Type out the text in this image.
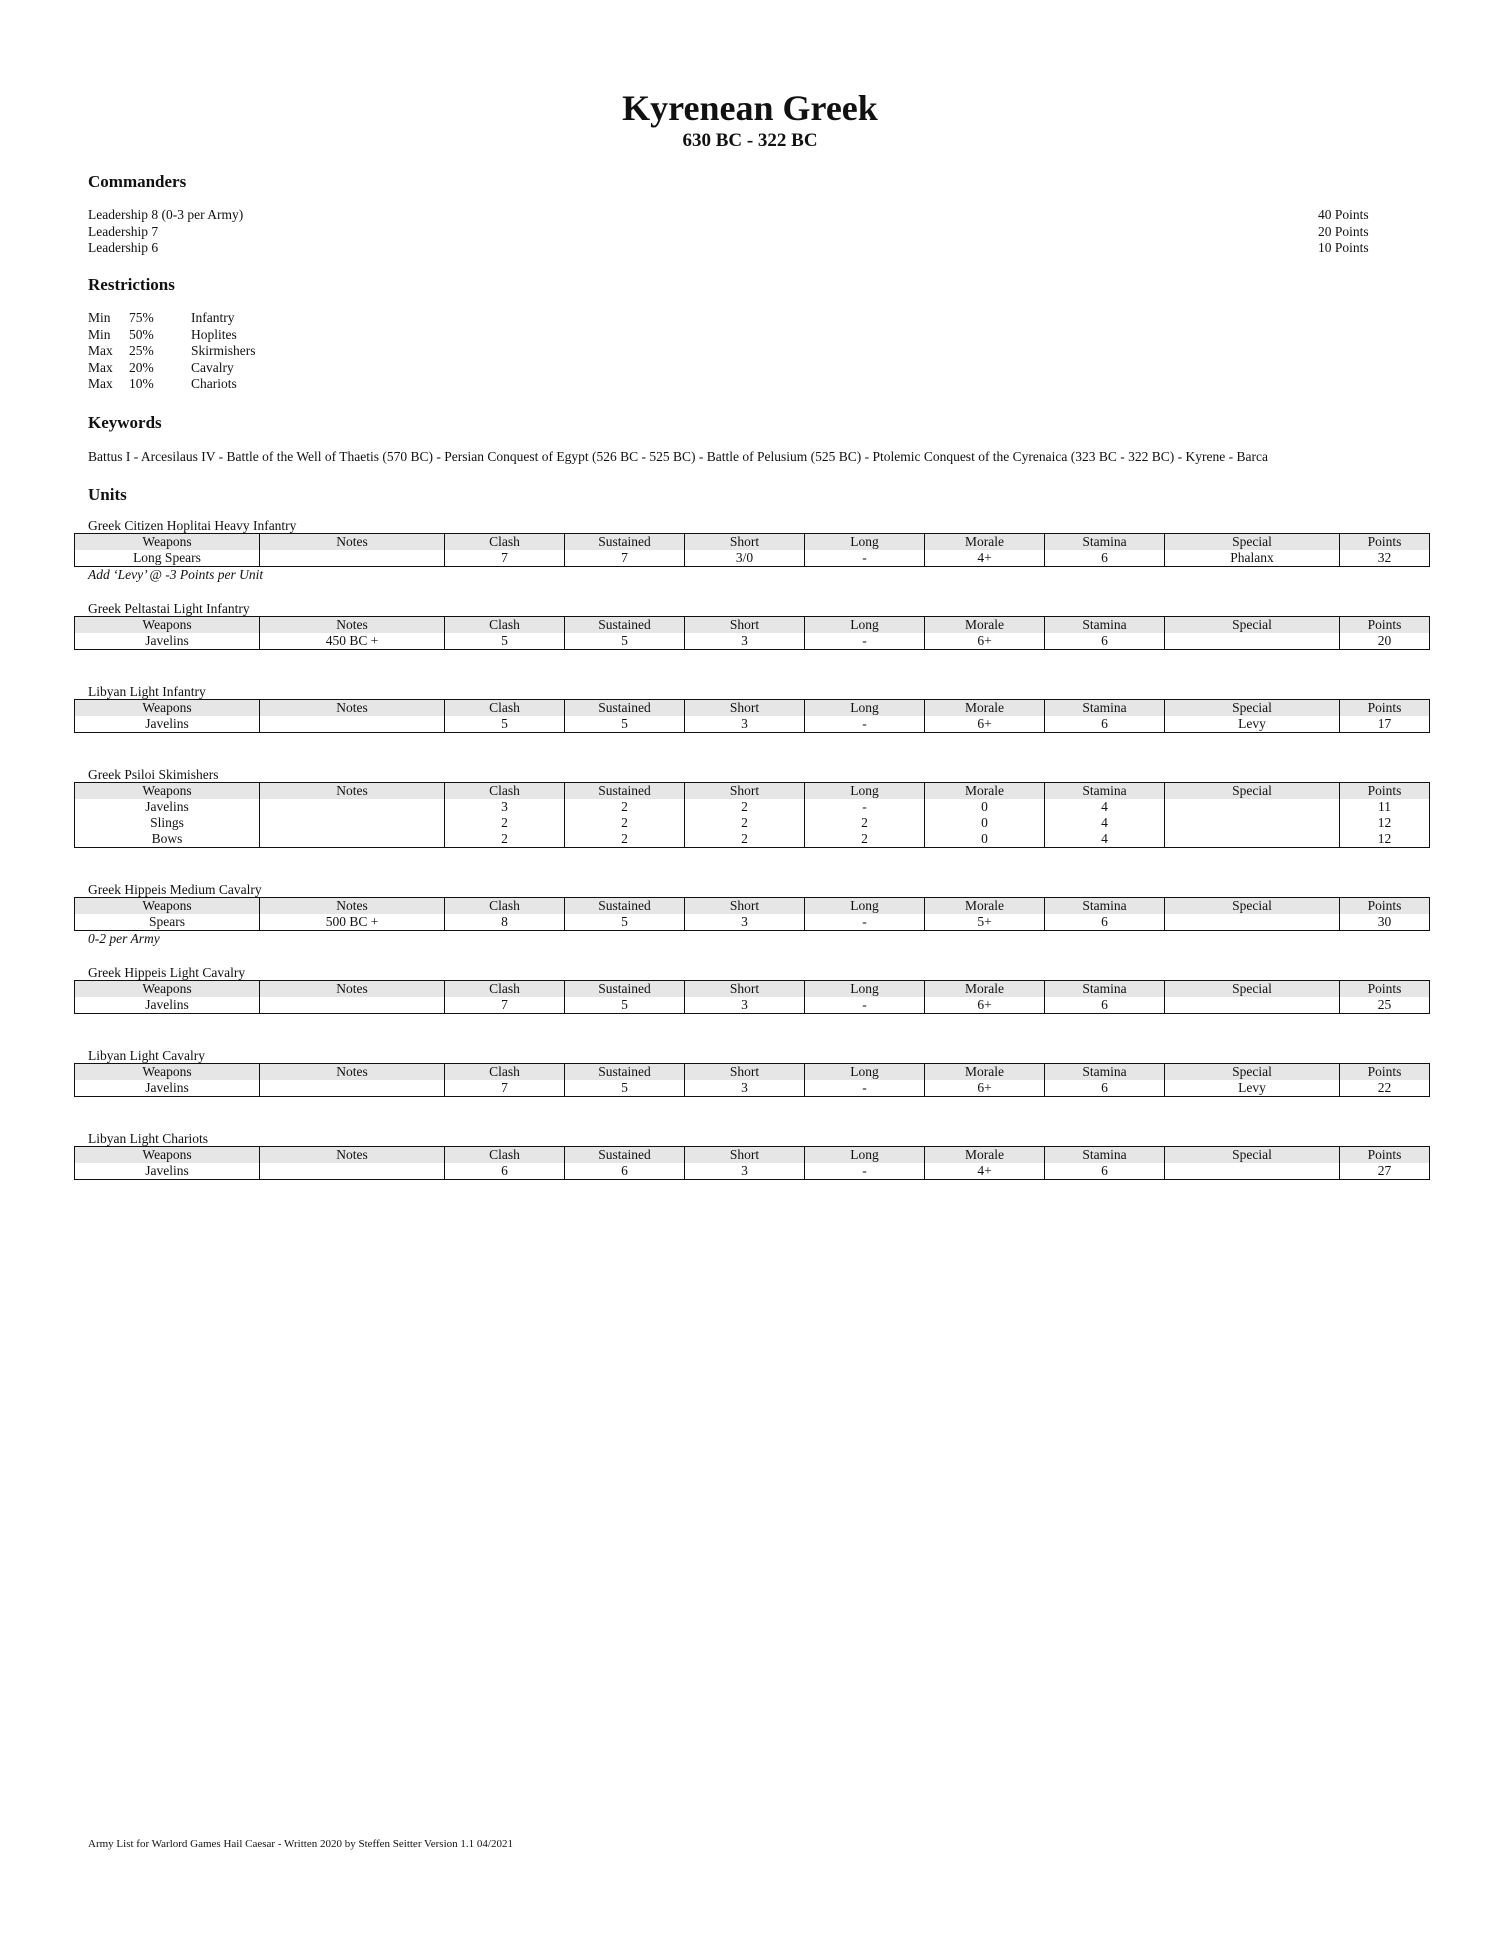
Kyrenean Greek
630 BC - 322 BC
Commanders
Leadership 8 (0-3 per Army)	40 Points
Leadership 7	20 Points
Leadership 6	10 Points
Restrictions
Min	75%	Infantry
Min	50%	Hoplites
Max	25%	Skirmishers
Max	20%	Cavalry
Max	10%	Chariots
Keywords
Battus I - Arcesilaus IV - Battle of the Well of Thaetis (570 BC) - Persian Conquest of Egypt (526 BC - 525 BC) - Battle of Pelusium (525 BC) - Ptolemic Conquest of the Cyrenaica (323 BC - 322 BC) - Kyrene - Barca
Units
Greek Citizen Hoplitai Heavy Infantry
Weapons	Notes	Clash	Sustained	Short	Long	Morale	Stamina	Special	Points
Long Spears		7	7	3/0	-	4+	6	Phalanx	32
Add ‘Levy’ @ -3 Points per Unit
Greek Peltastai Light Infantry
Weapons	Notes	Clash	Sustained	Short	Long	Morale	Stamina	Special	Points
Javelins	450 BC +	5	5	3	-	6+	6		20
Libyan Light Infantry
Weapons	Notes	Clash	Sustained	Short	Long	Morale	Stamina	Special	Points
Javelins		5	5	3	-	6+	6	Levy	17
Greek Psiloi Skimishers
Weapons	Notes	Clash	Sustained	Short	Long	Morale	Stamina	Special	Points
Javelins		3	2	2	-	0	4		11
Slings		2	2	2	2	0	4		12
Bows		2	2	2	2	0	4		12
Greek Hippeis Medium Cavalry
Weapons	Notes	Clash	Sustained	Short	Long	Morale	Stamina	Special	Points
Spears	500 BC +	8	5	3	-	5+	6		30
0-2 per Army
Greek Hippeis Light Cavalry
Weapons	Notes	Clash	Sustained	Short	Long	Morale	Stamina	Special	Points
Javelins		7	5	3	-	6+	6		25
Libyan Light Cavalry
Weapons	Notes	Clash	Sustained	Short	Long	Morale	Stamina	Special	Points
Javelins		7	5	3	-	6+	6	Levy	22
Libyan Light Chariots
Weapons	Notes	Clash	Sustained	Short	Long	Morale	Stamina	Special	Points
Javelins		6	6	3	-	4+	6		27
Army List for Warlord Games Hail Caesar - Written 2020 by Steffen Seitter Version 1.1 04/2021
